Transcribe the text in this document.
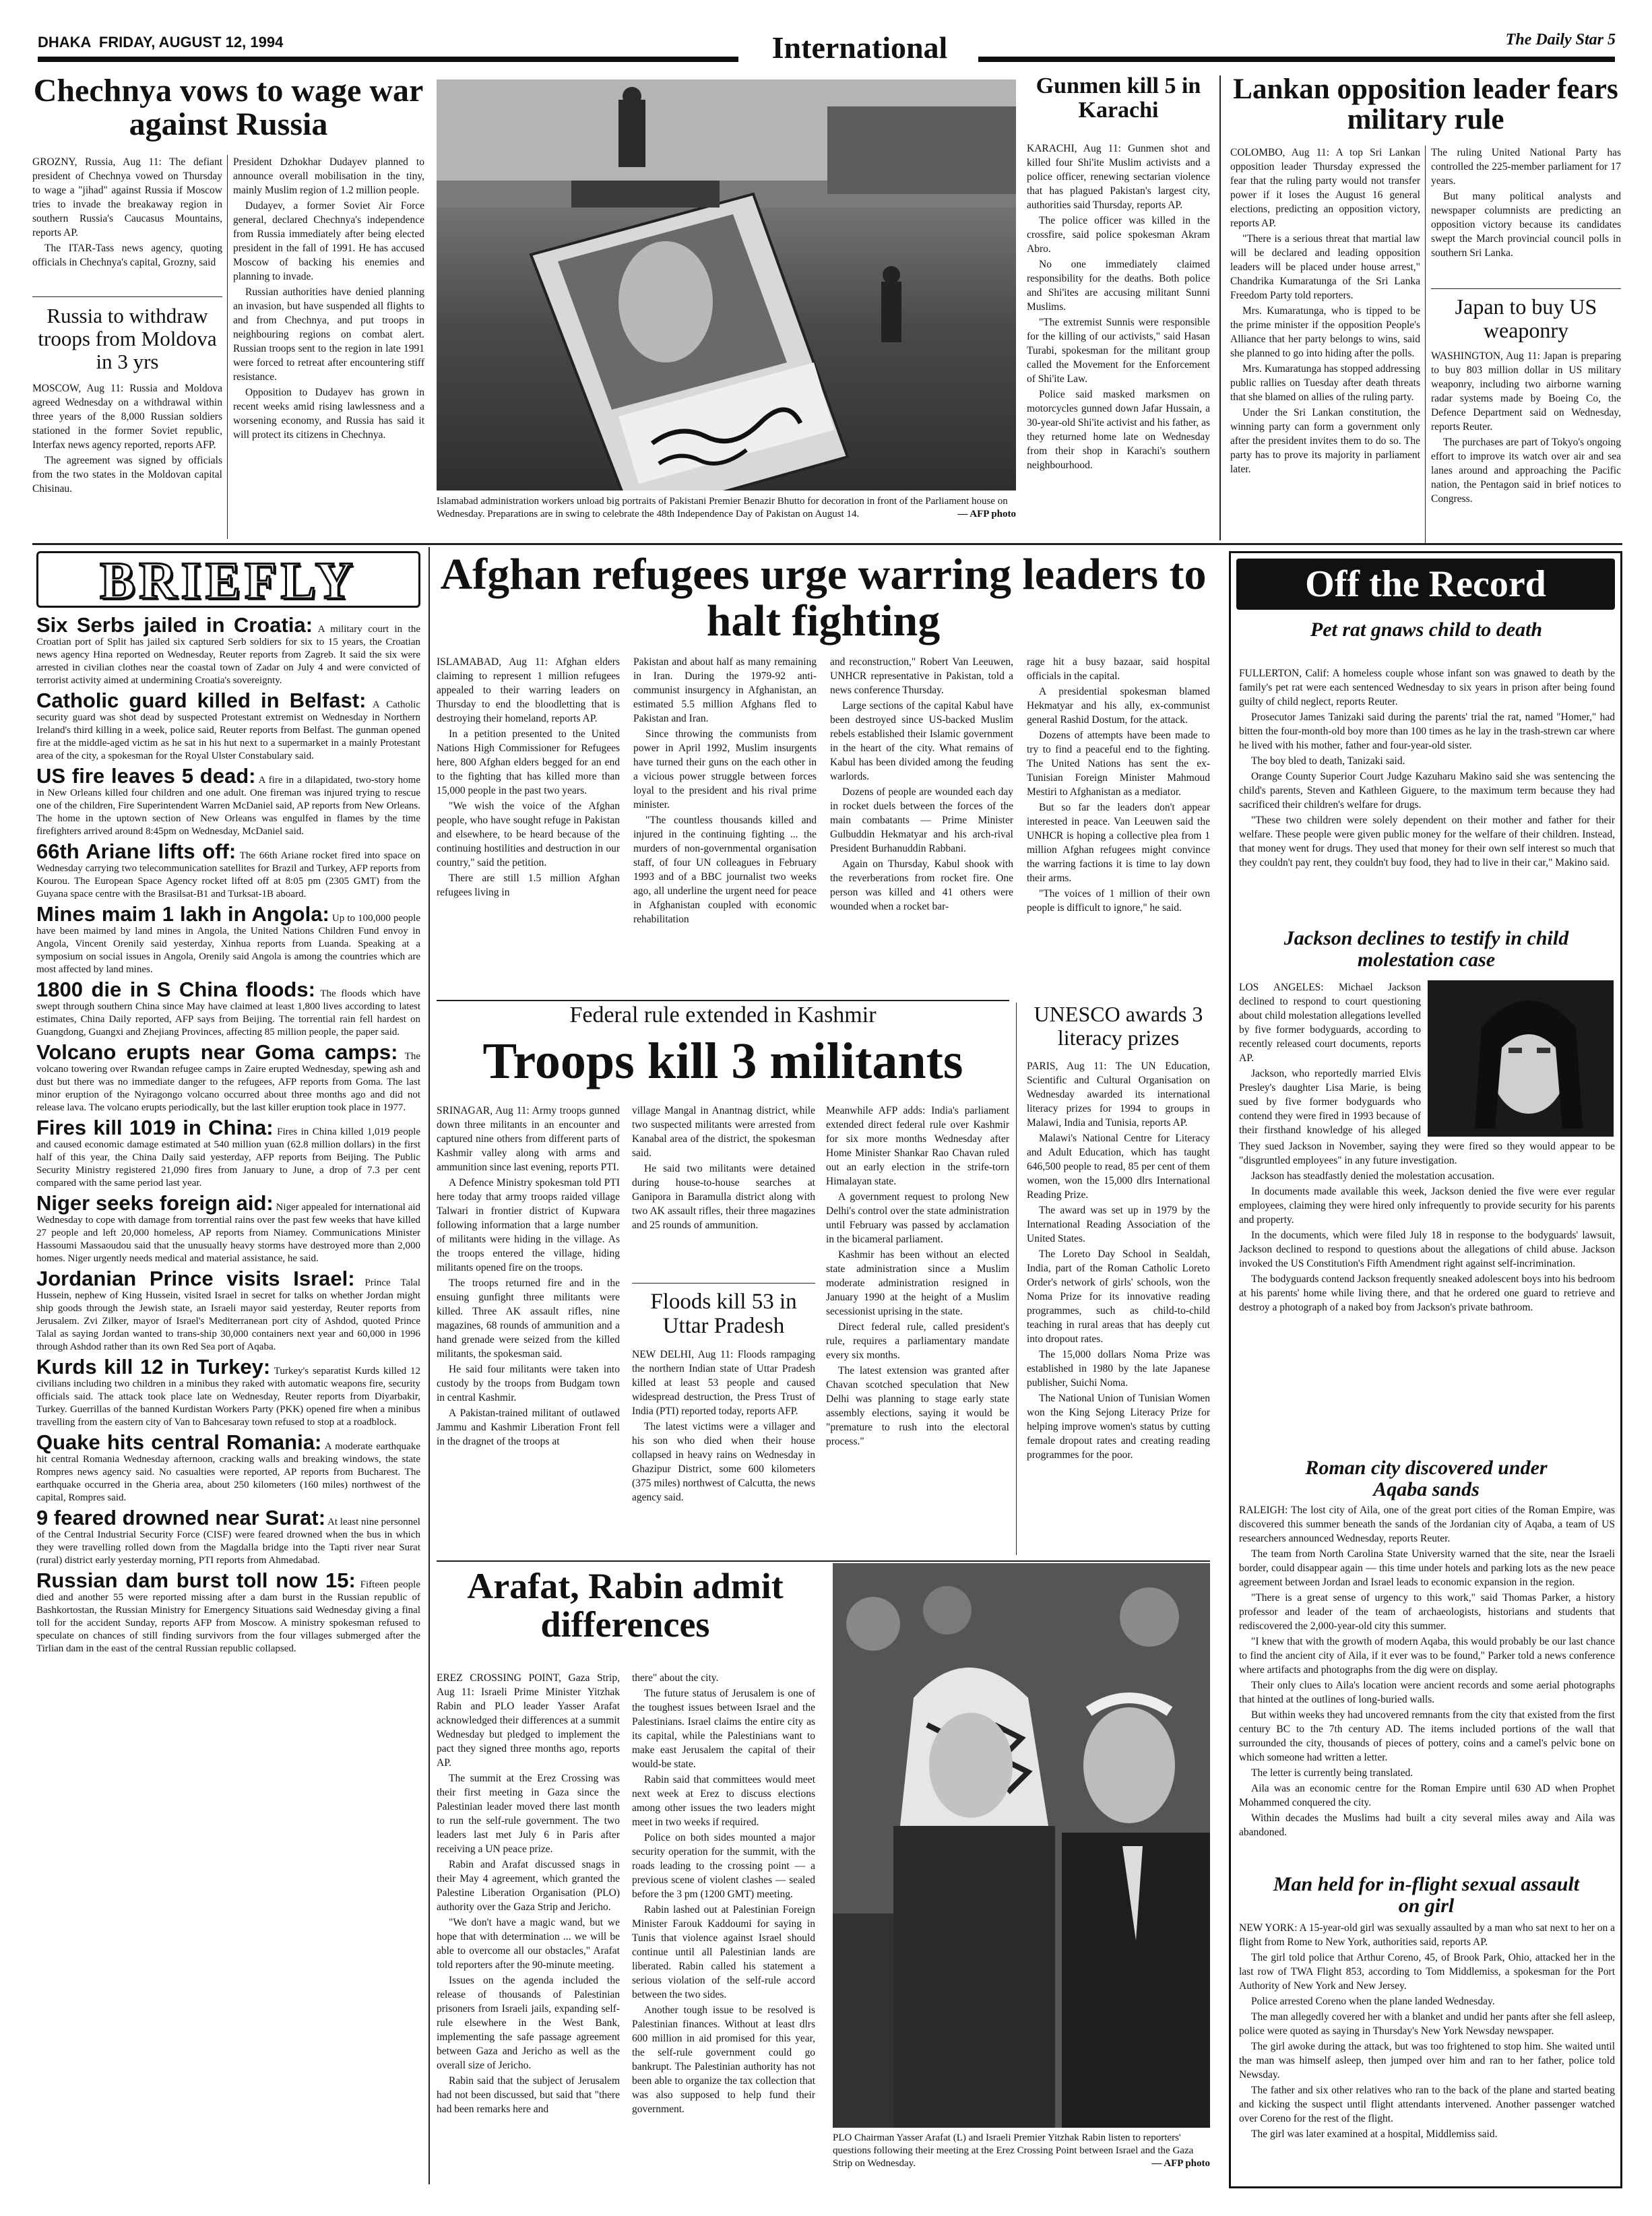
DHAKA  FRIDAY, AUGUST 12, 1994	International	The Daily Star 5
Chechnya vows to wage war against Russia

GROZNY, Russia, Aug 11: The defiant president of Chechnya vowed on Thursday to wage a "jihad" against Russia if Moscow tries to invade the breakaway region in southern Russia's Caucasus Mountains, reports AP.

The ITAR-Tass news agency, quoting officials in Chechnya's capital, Grozny, said

President Dzhokhar Dudayev planned to announce overall mobilisation in the tiny, mainly Muslim region of 1.2 million people.

Dudayev, a former Soviet Air Force general, declared Chechnya's independence from Russia immediately after being elected president in the fall of 1991. He has accused Moscow of backing his enemies and planning to invade.

Russian authorities have denied planning an invasion, but have suspended all flights to and from Chechnya, and put troops in neighbouring regions on combat alert. Russian troops sent to the region in late 1991 were forced to retreat after encountering stiff resistance.

Opposition to Dudayev has grown in recent weeks amid rising lawlessness and a worsening economy, and Russia has said it will protect its citizens in Chechnya.

Russia to withdraw troops from Moldova in 3 yrs

MOSCOW, Aug 11: Russia and Moldova agreed Wednesday on a withdrawal within three years of the 8,000 Russian soldiers stationed in the former Soviet republic, Interfax news agency reported, reports AFP.

The agreement was signed by officials from the two states in the Moldovan capital Chisinau.

Islamabad administration workers unload big portraits of Pakistani Premier Benazir Bhutto for decoration in front of the Parliament house on Wednesday. Preparations are in swing to celebrate the 48th Independence Day of Pakistan on August 14.	— AFP photo
Gunmen kill 5 in Karachi

KARACHI, Aug 11: Gunmen shot and killed four Shi'ite Muslim activists and a police officer, renewing sectarian violence that has plagued Pakistan's largest city, authorities said Thursday, reports AP.

The police officer was killed in the crossfire, said police spokesman Akram Abro.

No one immediately claimed responsibility for the deaths. Both police and Shi'ites are accusing militant Sunni Muslims.

"The extremist Sunnis were responsible for the killing of our activists," said Hasan Turabi, spokesman for the militant group called the Movement for the Enforcement of Shi'ite Law.

Police said masked marksmen on motorcycles gunned down Jafar Hussain, a 30-year-old Shi'ite activist and his father, as they returned home late on Wednesday from their shop in Karachi's southern neighbourhood.

Lankan opposition leader fears military rule

COLOMBO, Aug 11: A top Sri Lankan opposition leader Thursday expressed the fear that the ruling party would not transfer power if it loses the August 16 general elections, predicting an opposition victory, reports AP.

"There is a serious threat that martial law will be declared and leading opposition leaders will be placed under house arrest," Chandrika Kumaratunga of the Sri Lanka Freedom Party told reporters.

Mrs. Kumaratunga, who is tipped to be the prime minister if the opposition People's Alliance that her party belongs to wins, said she planned to go into hiding after the polls.

Mrs. Kumaratunga has stopped addressing public rallies on Tuesday after death threats that she blamed on allies of the ruling party.

Under the Sri Lankan constitution, the winning party can form a government only after the president invites them to do so. The party has to prove its majority in parliament later.

The ruling United National Party has controlled the 225-member parliament for 17 years.

But many political analysts and newspaper columnists are predicting an opposition victory because its candidates swept the March provincial council polls in southern Sri Lanka.

Japan to buy US weaponry

WASHINGTON, Aug 11: Japan is preparing to buy 803 million dollar in US military weaponry, including two airborne warning radar systems made by Boeing Co, the Defence Department said on Wednesday, reports Reuter.

The purchases are part of Tokyo's ongoing effort to improve its watch over air and sea lanes around and approaching the Pacific nation, the Pentagon said in brief notices to Congress.

BRIEFLY
Six Serbs jailed in Croatia: A military court in the Croatian port of Split has jailed six captured Serb soldiers for six to 15 years, the Croatian news agency Hina reported on Wednesday, Reuter reports from Zagreb. It said the six were arrested in civilian clothes near the coastal town of Zadar on July 4 and were convicted of terrorist activity aimed at undermining Croatia's sovereignty.
Catholic guard killed in Belfast: A Catholic security guard was shot dead by suspected Protestant extremist on Wednesday in Northern Ireland's third killing in a week, police said, Reuter reports from Belfast. The gunman opened fire at the middle-aged victim as he sat in his hut next to a supermarket in a mainly Protestant area of the city, a spokesman for the Royal Ulster Constabulary said.
US fire leaves 5 dead: A fire in a dilapidated, two-story home in New Orleans killed four children and one adult. One fireman was injured trying to rescue one of the children, Fire Superintendent Warren McDaniel said, AP reports from New Orleans. The home in the uptown section of New Orleans was engulfed in flames by the time firefighters arrived around 8:45pm on Wednesday, McDaniel said.
66th Ariane lifts off: The 66th Ariane rocket fired into space on Wednesday carrying two telecommunication satellites for Brazil and Turkey, AFP reports from Kourou. The European Space Agency rocket lifted off at 8:05 pm (2305 GMT) from the Guyana space centre with the Brasilsat-B1 and Turksat-1B aboard.
Mines maim 1 lakh in Angola: Up to 100,000 people have been maimed by land mines in Angola, the United Nations Children Fund envoy in Angola, Vincent Orenily said yesterday, Xinhua reports from Luanda. Speaking at a symposium on social issues in Angola, Orenily said Angola is among the countries which are most affected by land mines.
1800 die in S China floods: The floods which have swept through southern China since May have claimed at least 1,800 lives according to latest estimates, China Daily reported, AFP says from Beijing. The torrential rain fell hardest on Guangdong, Guangxi and Zhejiang Provinces, affecting 85 million people, the paper said.
Volcano erupts near Goma camps: The volcano towering over Rwandan refugee camps in Zaire erupted Wednesday, spewing ash and dust but there was no immediate danger to the refugees, AFP reports from Goma. The last minor eruption of the Nyiragongo volcano occurred about three months ago and did not release lava. The volcano erupts periodically, but the last killer eruption took place in 1977.
Fires kill 1019 in China: Fires in China killed 1,019 people and caused economic damage estimated at 540 million yuan (62.8 million dollars) in the first half of this year, the China Daily said yesterday, AFP reports from Beijing. The Public Security Ministry registered 21,090 fires from January to June, a drop of 7.3 per cent compared with the same period last year.
Niger seeks foreign aid: Niger appealed for international aid Wednesday to cope with damage from torrential rains over the past few weeks that have killed 27 people and left 20,000 homeless, AP reports from Niamey. Communications Minister Hassoumi Massaoudou said that the unusually heavy storms have destroyed more than 2,000 homes. Niger urgently needs medical and material assistance, he said.
Jordanian Prince visits Israel: Prince Talal Hussein, nephew of King Hussein, visited Israel in secret for talks on whether Jordan might ship goods through the Jewish state, an Israeli mayor said yesterday, Reuter reports from Jerusalem. Zvi Zilker, mayor of Israel's Mediterranean port city of Ashdod, quoted Prince Talal as saying Jordan wanted to trans-ship 30,000 containers next year and 60,000 in 1996 through Ashdod rather than its own Red Sea port of Aqaba.
Kurds kill 12 in Turkey: Turkey's separatist Kurds killed 12 civilians including two children in a minibus they raked with automatic weapons fire, security officials said. The attack took place late on Wednesday, Reuter reports from Diyarbakir, Turkey. Guerrillas of the banned Kurdistan Workers Party (PKK) opened fire when a minibus travelling from the eastern city of Van to Bahcesaray town refused to stop at a roadblock.
Quake hits central Romania: A moderate earthquake hit central Romania Wednesday afternoon, cracking walls and breaking windows, the state Rompres news agency said. No casualties were reported, AP reports from Bucharest. The earthquake occurred in the Gheria area, about 250 kilometers (160 miles) northwest of the capital, Rompres said.
9 feared drowned near Surat: At least nine personnel of the Central Industrial Security Force (CISF) were feared drowned when the bus in which they were travelling rolled down from the Magdalla bridge into the Tapti river near Surat (rural) district early yesterday morning, PTI reports from Ahmedabad.
Russian dam burst toll now 15: Fifteen people died and another 55 were reported missing after a dam burst in the Russian republic of Bashkortostan, the Russian Ministry for Emergency Situations said Wednesday giving a final toll for the accident Sunday, reports AFP from Moscow. A ministry spokesman refused to speculate on chances of still finding survivors from the four villages submerged after the Tirlian dam in the east of the central Russian republic collapsed.
Afghan refugees urge warring leaders to halt fighting

ISLAMABAD, Aug 11: Afghan elders claiming to represent 1 million refugees appealed to their warring leaders on Thursday to end the bloodletting that is destroying their homeland, reports AP.

In a petition presented to the United Nations High Commissioner for Refugees here, 800 Afghan elders begged for an end to the fighting that has killed more than 15,000 people in the past two years.

"We wish the voice of the Afghan people, who have sought refuge in Pakistan and elsewhere, to be heard because of the continuing hostilities and destruction in our country," said the petition.

There are still 1.5 million Afghan refugees living in

Pakistan and about half as many remaining in Iran. During the 1979-92 anti-communist insurgency in Afghanistan, an estimated 5.5 million Afghans fled to Pakistan and Iran.

Since throwing the communists from power in April 1992, Muslim insurgents have turned their guns on the each other in a vicious power struggle between forces loyal to the president and his rival prime minister.

"The countless thousands killed and injured in the continuing fighting ... the murders of non-governmental organisation staff, of four UN colleagues in February 1993 and of a BBC journalist two weeks ago, all underline the urgent need for peace in Afghanistan coupled with economic rehabilitation

and reconstruction," Robert Van Leeuwen, UNHCR representative in Pakistan, told a news conference Thursday.

Large sections of the capital Kabul have been destroyed since US-backed Muslim rebels established their Islamic government in the heart of the city. What remains of Kabul has been divided among the feuding warlords.

Dozens of people are wounded each day in rocket duels between the forces of the main combatants — Prime Minister Gulbuddin Hekmatyar and his arch-rival President Burhanuddin Rabbani.

Again on Thursday, Kabul shook with the reverberations from rocket fire. One person was killed and 41 others were wounded when a rocket bar-

rage hit a busy bazaar, said hospital officials in the capital.

A presidential spokesman blamed Hekmatyar and his ally, ex-communist general Rashid Dostum, for the attack.

Dozens of attempts have been made to try to find a peaceful end to the fighting. The United Nations has sent the ex-Tunisian Foreign Minister Mahmoud Mestiri to Afghanistan as a mediator.

But so far the leaders don't appear interested in peace. Van Leeuwen said the UNHCR is hoping a collective plea from 1 million Afghan refugees might convince the warring factions it is time to lay down their arms.

"The voices of 1 million of their own people is difficult to ignore," he said.

Federal rule extended in Kashmir
Troops kill 3 militants

SRINAGAR, Aug 11: Army troops gunned down three militants in an encounter and captured nine others from different parts of Kashmir valley along with arms and ammunition since last evening, reports PTI.

A Defence Ministry spokesman told PTI here today that army troops raided village Talwari in frontier district of Kupwara following information that a large number of militants were hiding in the village. As the troops entered the village, hiding militants opened fire on the troops.

The troops returned fire and in the ensuing gunfight three militants were killed. Three AK assault rifles, nine magazines, 68 rounds of ammunition and a hand grenade were seized from the killed militants, the spokesman said.

He said four militants were taken into custody by the troops from Budgam town in central Kashmir.

A Pakistan-trained militant of outlawed Jammu and Kashmir Liberation Front fell in the dragnet of the troops at

village Mangal in Anantnag district, while two suspected militants were arrested from Kanabal area of the district, the spokesman said.

He said two militants were detained during house-to-house searches at Ganipora in Baramulla district along with two AK assault rifles, their three magazines and 25 rounds of ammunition.

Meanwhile AFP adds: India's parliament extended direct federal rule over Kashmir for six more months Wednesday after Home Minister Shankar Rao Chavan ruled out an early election in the strife-torn Himalayan state.

A government request to prolong New Delhi's control over the state administration until February was passed by acclamation in the bicameral parliament.

Kashmir has been without an elected state administration since a Muslim moderate administration resigned in January 1990 at the height of a Muslim secessionist uprising in the state.

Direct federal rule, called president's rule, requires a parliamentary mandate every six months.

The latest extension was granted after Chavan scotched speculation that New Delhi was planning to stage early state assembly elections, saying it would be "premature to rush into the electoral process."

Floods kill 53 in Uttar Pradesh

NEW DELHI, Aug 11: Floods rampaging the northern Indian state of Uttar Pradesh killed at least 53 people and caused widespread destruction, the Press Trust of India (PTI) reported today, reports AFP.

The latest victims were a villager and his son who died when their house collapsed in heavy rains on Wednesday in Ghazipur District, some 600 kilometers (375 miles) northwest of Calcutta, the news agency said.

UNESCO awards 3 literacy prizes

PARIS, Aug 11: The UN Education, Scientific and Cultural Organisation on Wednesday awarded its international literacy prizes for 1994 to groups in Malawi, India and Tunisia, reports AP.

Malawi's National Centre for Literacy and Adult Education, which has taught 646,500 people to read, 85 per cent of them women, won the 15,000 dlrs International Reading Prize.

The award was set up in 1979 by the International Reading Association of the United States.

The Loreto Day School in Sealdah, India, part of the Roman Catholic Loreto Order's network of girls' schools, won the Noma Prize for its innovative reading programmes, such as child-to-child teaching in rural areas that has deeply cut into dropout rates.

The 15,000 dollars Noma Prize was established in 1980 by the late Japanese publisher, Suichi Noma.

The National Union of Tunisian Women won the King Sejong Literacy Prize for helping improve women's status by cutting female dropout rates and creating reading programmes for the poor.

Arafat, Rabin admit differences

EREZ CROSSING POINT, Gaza Strip, Aug 11: Israeli Prime Minister Yitzhak Rabin and PLO leader Yasser Arafat acknowledged their differences at a summit Wednesday but pledged to implement the pact they signed three months ago, reports AP.

The summit at the Erez Crossing was their first meeting in Gaza since the Palestinian leader moved there last month to run the self-rule government. The two leaders last met July 6 in Paris after receiving a UN peace prize.

Rabin and Arafat discussed snags in their May 4 agreement, which granted the Palestine Liberation Organisation (PLO) authority over the Gaza Strip and Jericho.

"We don't have a magic wand, but we hope that with determination ... we will be able to overcome all our obstacles," Arafat told reporters after the 90-minute meeting.

Issues on the agenda included the release of thousands of Palestinian prisoners from Israeli jails, expanding self-rule elsewhere in the West Bank, implementing the safe passage agreement between Gaza and Jericho as well as the overall size of Jericho.

Rabin said that the subject of Jerusalem had not been discussed, but said that "there had been remarks here and

there" about the city.

The future status of Jerusalem is one of the toughest issues between Israel and the Palestinians. Israel claims the entire city as its capital, while the Palestinians want to make east Jerusalem the capital of their would-be state.

Rabin said that committees would meet next week at Erez to discuss elections among other issues the two leaders might meet in two weeks if required.

Police on both sides mounted a major security operation for the summit, with the roads leading to the crossing point — a previous scene of violent clashes — sealed before the 3 pm (1200 GMT) meeting.

Rabin lashed out at Palestinian Foreign Minister Farouk Kaddoumi for saying in Tunis that violence against Israel should continue until all Palestinian lands are liberated. Rabin called his statement a serious violation of the self-rule accord between the two sides.

Another tough issue to be resolved is Palestinian finances. Without at least dlrs 600 million in aid promised for this year, the self-rule government could go bankrupt. The Palestinian authority has not been able to organize the tax collection that was also supposed to help fund their government.

PLO Chairman Yasser Arafat (L) and Israeli Premier Yitzhak Rabin listen to reporters' questions following their meeting at the Erez Crossing Point between Israel and the Gaza Strip on Wednesday.	— AFP photo
Off the Record
Pet rat gnaws child to death

FULLERTON, Calif: A homeless couple whose infant son was gnawed to death by the family's pet rat were each sentenced Wednesday to six years in prison after being found guilty of child neglect, reports Reuter.

Prosecutor James Tanizaki said during the parents' trial the rat, named "Homer," had bitten the four-month-old boy more than 100 times as he lay in the trash-strewn car where he lived with his mother, father and four-year-old sister.

The boy bled to death, Tanizaki said.

Orange County Superior Court Judge Kazuharu Makino said she was sentencing the child's parents, Steven and Kathleen Giguere, to the maximum term because they had sacrificed their children's welfare for drugs.

"These two children were solely dependent on their mother and father for their welfare. These people were given public money for the welfare of their children. Instead, that money went for drugs. They used that money for their own self interest so much that they couldn't pay rent, they couldn't buy food, they had to live in their car," Makino said.

Jackson declines to testify in child molestation case

LOS ANGELES: Michael Jackson declined to respond to court questioning about child molestation allegations levelled by five former bodyguards, according to recently released court documents, reports AP.

Jackson, who reportedly married Elvis Presley's daughter Lisa Marie, is being sued by five former bodyguards who contend they were fired in 1993 because of their firsthand knowledge of his alleged

They sued Jackson in November, saying they were fired so they would appear to be "disgruntled employees" in any future investigation.

Jackson has steadfastly denied the molestation accusation.

In documents made available this week, Jackson denied the five were ever regular employees, claiming they were hired only infrequently to provide security for his parents and property.

In the documents, which were filed July 18 in response to the bodyguards' lawsuit, Jackson declined to respond to questions about the allegations of child abuse. Jackson invoked the US Constitution's Fifth Amendment right against self-incrimination.

The bodyguards contend Jackson frequently sneaked adolescent boys into his bedroom at his parents' home while living there, and that he ordered one guard to retrieve and destroy a photograph of a naked boy from Jackson's private bathroom.

Roman city discovered under Aqaba sands

RALEIGH: The lost city of Aila, one of the great port cities of the Roman Empire, was discovered this summer beneath the sands of the Jordanian city of Aqaba, a team of US researchers announced Wednesday, reports Reuter.

The team from North Carolina State University warned that the site, near the Israeli border, could disappear again — this time under hotels and parking lots as the new peace agreement between Jordan and Israel leads to economic expansion in the region.

"There is a great sense of urgency to this work," said Thomas Parker, a history professor and leader of the team of archaeologists, historians and students that rediscovered the 2,000-year-old city this summer.

"I knew that with the growth of modern Aqaba, this would probably be our last chance to find the ancient city of Aila, if it ever was to be found," Parker told a news conference where artifacts and photographs from the dig were on display.

Their only clues to Aila's location were ancient records and some aerial photographs that hinted at the outlines of long-buried walls.

But within weeks they had uncovered remnants from the city that existed from the first century BC to the 7th century AD. The items included portions of the wall that surrounded the city, thousands of pieces of pottery, coins and a camel's pelvic bone on which someone had written a letter.

The letter is currently being translated.

Aila was an economic centre for the Roman Empire until 630 AD when Prophet Mohammed conquered the city.

Within decades the Muslims had built a city several miles away and Aila was abandoned.

Man held for in-flight sexual assault on girl

NEW YORK: A 15-year-old girl was sexually assaulted by a man who sat next to her on a flight from Rome to New York, authorities said, reports AP.

The girl told police that Arthur Coreno, 45, of Brook Park, Ohio, attacked her in the last row of TWA Flight 853, according to Tom Middlemiss, a spokesman for the Port Authority of New York and New Jersey.

Police arrested Coreno when the plane landed Wednesday.

The man allegedly covered her with a blanket and undid her pants after she fell asleep, police were quoted as saying in Thursday's New York Newsday newspaper.

The girl awoke during the attack, but was too frightened to stop him. She waited until the man was himself asleep, then jumped over him and ran to her father, police told Newsday.

The father and six other relatives who ran to the back of the plane and started beating and kicking the suspect until flight attendants intervened. Another passenger watched over Coreno for the rest of the flight.

The girl was later examined at a hospital, Middlemiss said.
